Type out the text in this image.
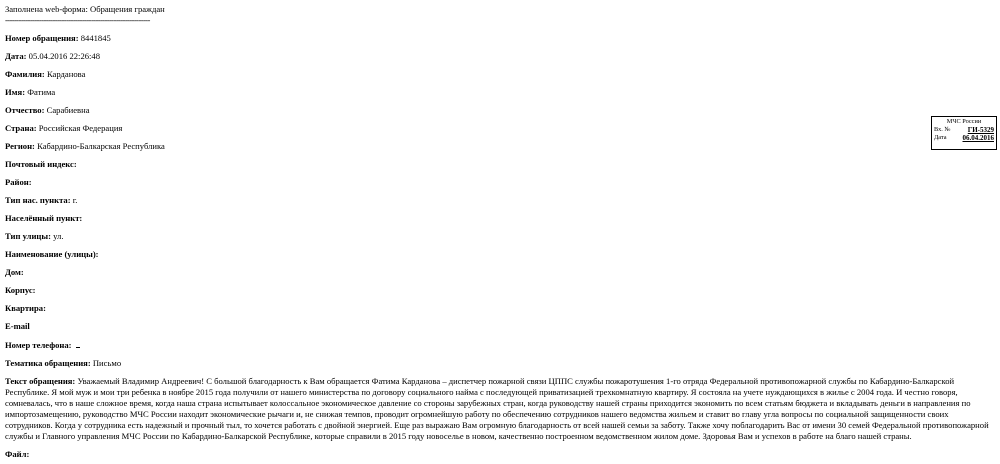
Заполнена web-форма: Обращения граждан
----------------------------------------------------------------
Номер обращения: 8441845
Дата: 05.04.2016 22:26:48
Фамилия: Карданова
Имя: Фатима
Отчество: Сарабиевна
Страна: Российская Федерация
Регион: Кабардино-Балкарская Республика
Почтовый индекс:
Район:
Тип нас. пункта: г.
Населённый пункт:
Тип улицы: ул.
Наименование (улицы):
Дом:
Корпус:
Квартира:
E-mail
Номер телефона:
Тематика обращения: Письмо
Текст обращения: Уважаемый Владимир Андреевич! С большой благодарность к Вам обращается Фатима Карданова – диспетчер пожарной связи ЦППС службы пожаротушения 1-го отряда Федеральной противопожарной службы по Кабардино-Балкарской Республике. Я мой муж и мои три ребенка в ноябре 2015 года получили от нашего министерства по договору социального найма с последующей приватизацией трехкомнатную квартиру. Я состояла на учете нуждающихся в жилье с 2004 года. И честно говоря, сомневалась, что в наше сложное время, когда наша страна испытывает колоссальное экономическое давление со стороны зарубежных стран, когда руководству нашей страны приходится экономить по всем статьям бюджета и вкладывать деньги в направления по импортозамещению, руководство МЧС России находит экономические рычаги и, не снижая темпов, проводит огромнейшую работу по обеспечению сотрудников нашего ведомства жильем и ставит во главу угла вопросы по социальной защищенности своих сотрудников. Когда у сотрудника есть надежный и прочный тыл, то хочется работать с двойной энергией. Еще раз выражаю Вам огромную благодарность от всей нашей семьи за заботу. Также хочу поблагодарить Вас от имени 30 семей Федеральной противопожарной службы и Главного управления МЧС России по Кабардино-Балкарской Республике, которые справили в 2015 году новоселье в новом, качественно построенном ведомственном жилом доме. Здоровья Вам и успехов в работе на благо нашей страны.
Файл:
МЧС России
Вх. № ГИ-5329
Дата 06.04.2016
